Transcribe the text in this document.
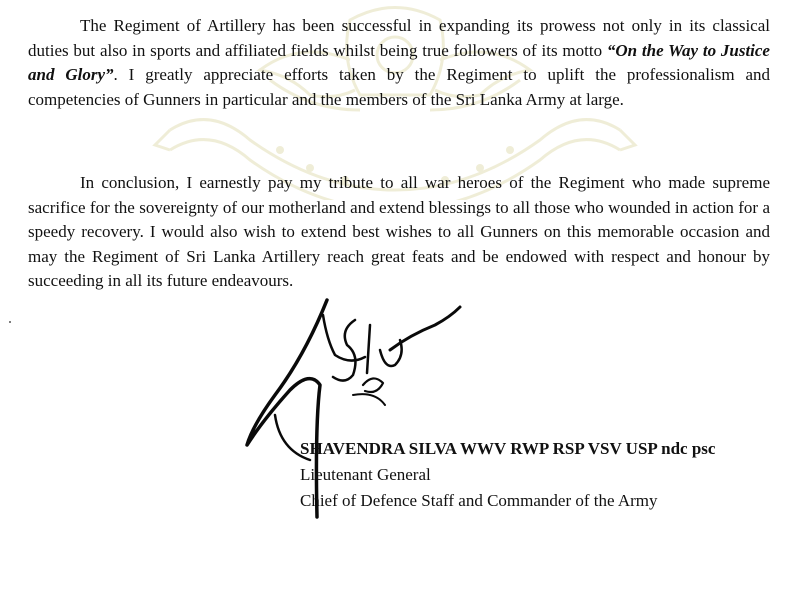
The Regiment of Artillery has been successful in expanding its prowess not only in its classical duties but also in sports and affiliated fields whilst being true followers of its motto “On the Way to Justice and Glory”. I greatly appreciate efforts taken by the Regiment to uplift the professionalism and competencies of Gunners in particular and the members of the Sri Lanka Army at large.

In conclusion, I earnestly pay my tribute to all war heroes of the Regiment who made supreme sacrifice for the sovereignty of our motherland and extend blessings to all those who wounded in action for a speedy recovery. I would also wish to extend best wishes to all Gunners on this memorable occasion and may the Regiment of Sri Lanka Artillery reach great feats and be endowed with respect and honour by succeeding in all its future endeavours.

SHAVENDRA SILVA WWV RWP RSP VSV USP ndc psc
Lieutenant General
Chief of Defence Staff and Commander of the Army
